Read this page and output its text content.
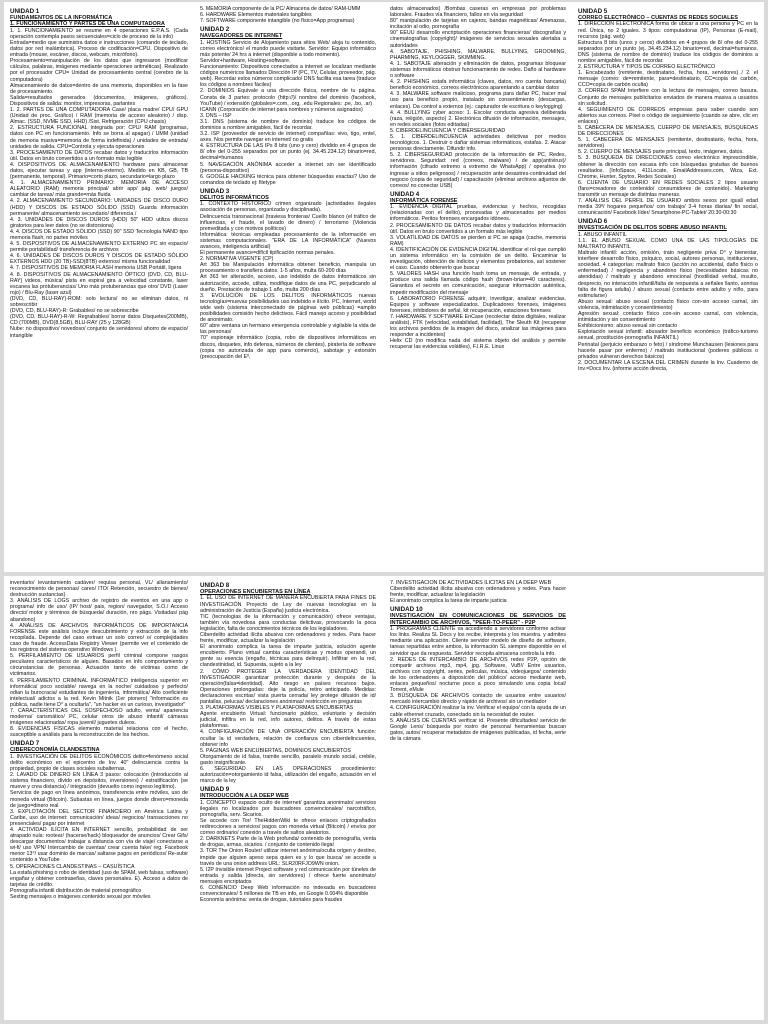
UNIDAD 1

FUNDAMENTOS DE LA INFORMÁTICA

1. FUNCIONAMIENTO Y PARTES DE UNA COMPUTADORA

1. 1. FUNCIONAMIENTO se resume en 4 operaciones E.P.A.S. (Cada operación contempla pasos secuenciales=ciclo de proceso de la info)

Entrada=medio que suministra datos e instrucciones (comando de teclado, datos por red inalámbrica). Proceso de codificación=CPU. Dispositivo de entrada (mouse, escáner, discos, webcam, micrófono).

Procesamiento=manipulación de los datos que ingresaron (modificar cálculos, palabras, imágenes mediante operaciones aritméticas). Realizado por el procesador CPU= Unidad de procesamiento central (cerebro de la computadora)

Almacenamiento de datos=dentro de una memoria, disponibles en la fase de procesamiento.

Salida=resultados generados (documentos, imágenes, gráficos). Dispositivos de salida: monitor, impresoras, parlantes

1. 2. PARTES DE UNA COMPUTADORA Case/ placa madre/ CPU/ GPU (Unidad de proc. Gráfico) / RAM (memoria de acceso aleatorio) / disp. Almac. (SSD, NVME SSD, HHD) /Sist. Refrigeración (CPU chasis)

2. ESTRUCTURA FUNCIONAL integrada por: CPU/ RAM (programas, datos con PC en funcionamiento. Info se borra al apagar) / UMM (unidad de memoria masiva=memoria de forma indefinida) / unidades de entrada/ unidades de salida. CPU=Controla y ejecuta operaciones

3. PROCESAMIENTO DE DATOS recabar datos y traducirlos información útil. Datos en bruto convertidos a un formato más legible

4. DISPOSITIVOS DE ALMACENAMIENTO hardware para almacenar datos, ejecutar tareas y app (interna-externo). Medido en KB, GB, TB (permanente, temporal). Primario=corto plazo, secundario=largo plazo

4. 1. ALMACENAMIENTO PRIMARIO: MEMORIA DE ACCESO ALEATORIO (RAM) memoria principal/ abrir app/ pág. web/ juegos/ cambiar de tareas/ más grande=más fluida

4. 2. ALMACENAMIENTO SECUNDARIO: UNIDADES DE DISCO DURO (HDD) Y DISCOS DE ESTADO SÓLIDO (SSD) Guarda información permanente/ almacenamiento secundario/ diferencia /

4. 3. UNIDADES DE DISCOS DUROS (HDD) 50" HDD utiliza discos giratorios para leer datos (no se distorsiona)

4. 4. DISCOS DE ESTADO SÓLIDO (SSD) 90" SSD Tecnología NAND tipo memoria flash, no partes móviles

4. 5. DISPOSITIVOS DE ALMACENAMIENTO EXTERNO PC sin espacio/ permite portabilidad/ transferencia de archivos

4. 6. UNIDADES DE DISCOS DUROS Y DISCOS DE ESTADO SÓLIDO EXTERNOS HDD (20 TB)-SSD(8TB) externos/ misma funcionalidad

4. 7. DISPOSITIVOS DE MEMORIA FLASH memoria USB Portátil, ligera

4. 8. DISPOSITIVOS DE ALMACENAMIENTO ÓPTICO (DVD, CD, BLU-RAY) videos, música/ pista en espiral gira a velocidad constante, laser escanea las protuberancias/ Uno más protuberancias que otro/ DVD (Laser rojo) / Blu-Ray (laser azul)

(DVD, CD, BLU-RAY)-ROM: solo lectura/ no se eliminan datos, ni sobrescribir

(DVD, CD, BLU-RAY)-R: Grabables/ no se sobrescribe

(DVD, CD, BLU-RAY)-R-W: Regrabables/ borrar datos Disquetes(200MB), CD (700MB), DVD(8,5GB), BLU-RAY (25 y 128GB)

Nube: no dispositivo/ novedoso/ conjunto de servidores/ ahorro de espacio/ intangible

5. MEMORIA componente de la PC/ Almacena de datos/ RAM-UMM

6. HARDWARE Elementos materiales tangibles

7. SOFTWARE componente intangible (no físico=App programas)

UNIDAD 2

NAVEGADORES DE INTERNET

1. HOSTING Servicio de Alojamiento para sitios Web/ aloja tu contenido, correo electrónico/ el mundo puede visitarte. Servidor: Equipo informático más potente/ 24 hrs a internet (disponible a todo momento).

Servidor+hardware, Hosting+software.

Funcionamiento: Dispositivos conectados a internet se localizan mediante códigos numéricos llamados Dirección IP (PC, TV, Celular, proveedor, pág. web). Recordar estos números complicado/ DNS facilita esa tarea (traduce los códigos a nombres fáciles)

2. DOMINIOS Equivale a una dirección física, nombre de tu página. Consta de 3 partes: protocolo (http://)/ nombre del dominio (facebook, YouTube) / extensión (globales=.com, .org, .edu Regionales: .pe, .bo, .ar)

ICANN (Corporación de internet para nombres y números asignados)

3. DNS – ISP

3.1. DNS (sistema de nombre de dominio) traduce los códigos de dominios a nombre amigables, fácil de recordar.

3.2. ISP (proveedor de servicio de internet) compañías: vivo, tigo, entel, axes. Nos permite navegar en internet/ no gratis

4. ESTRUCTURA DE LAS IPs 8 bits (uno y cero) dividido en 4 grupos de 8/ ofre del 0-255 separados por un punto (ej. 34.45.234.12) binario=red, decimal=humanos

5. NAVEGACIÓN ANÓNIMA acceder a internet sin ser identificado (persona-dispositivo)

6. GOOGLE HACKING técnica para obtener búsquedas exactas? Uso de comandos de teclado ej: filetype

UNIDAD 3

DELITOS INFORMÁTICOS

1. CONTEXTO HISTÓRICO crimen organizado (actividades ilegales asociación de personas, organizada y disciplinada).

Delincuencia transnacional (traviesa fronteras/ Cuello blanco (el tráfico de influencias, el fraude, el lavado de dinero) / terrorismo (Violencia premeditada y con motivos políticos)

Informática: técnicas empleadas procesamiento de la información en sistemas computacionales. "ERA DE LA INFORMÁTICA" (Nuevos avances, inteligencia artificial)

El permanente avance=difícil tipificación normas penales.

2. NORMATIVA VIGENTE (CP)

Art 363 bis Manipulación informática obtener beneficio, manipula un procesamiento o transfiera datos. 1-5 años, multa 60-200 días

Art 363 ter alteración, acceso, uso indebido de datos informáticos sin autorización, accede, utiliza, modifique datos de una PC, perjudicando al dueño. Prestación de trabajo 1 año, multa 200 días

3. EVOLUCIÓN DE LOS DELITOS INFORMÁTICOS nuevas tecnologías=nuevas posibilidades uso indebido e ilícito. PC, Internet, world wide web (sistema interconectado de páginas web públicas) =amplio posibilidades comisión hecho delictivos. Fácil manejo acceso y posibilidad de anonimato.

60" abre ventana un hermano emergencia controlable y vigilable la vida de las personas/

70" espionaje informático (copia, robo de dispositivos informáticos en discos, disquetes, info defensa, números de clientes), piratería de software (copia no autorizada de app para comercio), sabotaje y extorsión (preocupación del Eº,

datos almacenados) /Bombas caseras en empresas por problemas laborales. Fraudes vía financiero, fallos en vía seguridad

80" manipulación de tarjetas en cajeros, bandas magnéticas/ Amenazas, incitación al odio, pornografía

90" EEUU desarrollo encriptación operaciones financieras/ discografías y cinematografías (copyright)/ imágenes de servicios sexuales alertaba a autoridades

4. SABOTAJE, PHISHING, MALWARE, BULLYING, GROOMING, PHARMING, KEYLOGGER, SKIMMING.

4. 1. SABOTAJE alteración y eliminación de datos, programas bloquear sistemas informáticos obstruir funcionamiento de redes. Daño al hardware o software

4. 2. PHISHING estafa informática (claves, datos, nro cuenta bancaria) beneficio económico, correos electrónicos aparentando a cambiar datos

4. 3. MALWARE software malicioso, programa para dañar PC, hacer mal uso para beneficio propio, instalado sin consentimiento (descargas, enlaces). Da control a externos (ej.: capturador de escritura o keylogging)

4. 4. BULLYING cyber acoso: 1. Escolar conducta agresiva deliberada (raza, religión, aspecto) 2. Electrónica difusión de información, mensajes, en redes sociales (fotos editadas)

5. CIBERDELINCUENCIA Y CIBERSEGURIDAD

5. 1. CIBERDELINCUENCIA actividades delictivas por medios tecnológicos. 1. Destruir o dañar sistemas informáticos, estafas. 2. Atacar personas directamente. Difundir info.

5. 2. CIBERSEGURIDAD protección de la información de PC, Redes, servidores. Seguridad: red (correos, malware) / de app(antivirus)/ información (cifrado extremo a extremo de WhatsApp) / operativa (no ingresar a sitios peligrosos) / recuperación ante desastres-continuidad del negocio (copia de seguridad) / capacitación (eliminar archivos adjuntos de correos/ no conectar USB)

UNIDAD 4

INFORMÁTICA FORENSE

1. EVIDENCIA DIGITAL pruebas, evidencias y hechos, recogidas (relacionadas con el delito), procesadas y almacenados por medios informáticos. Peritos forenses encargados idóneos.

2. PROCESAMIENTO DE DATOS recabar datos y traducirlos información útil. Datos en bruto convertidos a un formato más legible

3. VOLATILIDAD DE DATOS se pierden si PC se apaga (cache, memoria RAM)

4. IDENTIFICACIÓN DE EVIDENCIA DIGITAL identificar el rol que cumplió un sistema informático en la comisión de un delito. Encaminar la investigación, obtención de indicios y elementos probatorios, así sostener el caso. Cuando obtenerlo que buscar

5. VALORES HASH una función hash toma un mensaje, de entrada, y produce una salida llamada código hash (brown-brian=40 caracteres). Garantiza el secreto en comunicación, asegurar información auténtica, impedir modificación del mensaje

6. LABORATORIO FORENSE adquirir, investigar, analizar evidencias. Equipos y software especializados. Duplicadores forenses, imágenes forenses, inhibidores de señal, kit recuperación, estaciones forenses

7. HARDWARE Y SOFTWARE EnCase (recolectar datos digitales, realizar análisis), FTK (velocidad, estabilidad, facilidad), The Sleuth Kit (recuperar los archivos perdidos de la imagen del disco, analizar las imágenes para responder a incidentes)

Helix CD (no modifica nada del sistema objeto del análisis y permite recuperar las evidencias volátiles), F.I.R.E. Linux

UNIDAD 5

CORREO ELECTRÓNICO – CUENTAS DE REDES SOCIALES

1. DIRECCIÓN ELECTRÓNICA forma de ubicar a una persona y PC en la red. Única, no 2 iguales. 3 tipos: computadoras (IP), Personas (E-mail), recursos (pág. web)

Estructura 8 bits (unos y ceros) divididos en 4 grupos de 8/ ofre del 0-255 separados por un punto (ej. 34.45.234.12) binario=red, decimal=humanos. DNS (sistema de nombre de dominio) traduce los códigos de dominios a nombre amigables, fácil de recordar.

2. ESTRUCTURA Y TIPOS DE CORREO ELECTRÓNICO

1. Encabezado (remitente, destinatario, fecha, hora, servidores) / 2. el mensaje (correo: de=remitente, para=destinatario, CC=copia de carbón, CCO=copia de carbón oculta)

3. CORREO SPAM Interfiere con la lectura de mensajes, correo basura. Conjunto de mensajes publicitarios enviados de manera masiva a usuarios sin solicitud.

4. SEGUIMIENTO DE CORREOS empresas para saber cuando son abiertos sus correos. Pixel o código de seguimiento (cuando se abre, clic en enlaces)

5. CABECERA DE MENSAJES, CUERPO DE MENSAJES, BÚSQUEDAS DE DIRECCIONES

5. 1. CABECERA DE MENSAJES (remitente, destinatario, fecha, hora, servidores)

5. 2. CUERPO DE MENSAJES parte principal, texto, imágenes, datos.

5. 3. BÚSQUEDA DE DIRECCIONES correo electrónico imprescindible, obtener la dirección con escasa info con búsquedas gratuitas de buenos resultados. (InfoSpace, 411Locate, EmailAddresses.com, Wiza, Ext. Chrome, Hunter, Spytox, Redes Sociales)

6. CUENTA DE USUARIO EN REDES SOCIALES 2 tipos usuario (fans=creadores de contenido/ consumidores de contenido). Marketing transmitir un mensaje de distintas maneras.

7. ANÁLISIS DEL PERFIL DE USUARIO ambos sexos por igual/ edad media 39º/ hogares pequeños/ con trabajo/ 3-4 horas diarias/ fin social, comunicación/ Facebook líder/ Smartphone-PC-Tablet/ 20:30-00:30

UNIDAD 6

INVESTIGACIÓN DE DELITOS SOBRE ABUSO INFANTIL

1. ABUSO INFANTIL

1.1. EL ABUSO SEXUAL COMO UNA DE LAS TIPOLOGÍAS DE MALTRATO INFANTIL

Maltrato infantil: acción, omisión, trato negligente priva D° y bienestar, interfiere desarrollo físico, psíquico, social, autores personas, instituciones, sociedad. 4 categorías: maltrato físico (acción no accidental, daño físico o enfermedad) / negligencia y abandono físico (necesidades básicas no atendidas) / maltrato y abandono emocional (hostilidad verbal, insulto, desprecio, no interacción infantil/falta de respuesta a señales llanto, sonrisa falta de figura adulta) / abuso sexual (contacto entre adulto y niño, para estimularse)

Abuso sexual: abuso sexual (contacto físico con-sin acceso carnal, sin violencia, intimidación y consentimiento)

Agresión sexual: contacto físico con-sin acceso carnal, con violencia, intimidación y sin consentimiento

Exhibicionismo: abuso sexual sin contacto

Explotación sexual infantil: abusador beneficio económico (tráfico-turismo sexual, prostitución-pornografía INFANTIL)

Perinatal (perjuicio embarazo o feto) / síndrome Munchausen (lesiones para hacerle pasar por enfermo) / maltrato institucional (poderes públicos o privados vulneran derechos básicos)

2. DOCUMENTAR LA ESCENA DEL CRIMEN durante la Inv. Cuaderno de Inv.=Docs Inv. (informe acción directa,

inventario/ levantamiento cadáver/ requisa personal, VL/ allanamiento/ reconocimiento de personas/ careo/ ITO/ Retención, secuestro de bienes/ destrucción sustancias)

3. ANÁLISIS DE LOGS archivo de registro de eventos en una app o programa/ info de uso/ (IP/ host/ pais, region/ navegador, S.O./ Acceso directo/ motor y términos de búsqueda/ duración, nro págs. Visitadas/ pág abandono)

4. ANÁLISIS DE ARCHIVOS INFORMÁTICOS DE IMPORTANCIA FORENSE este análisis incluye descubrimiento y extracción de la info recopilada. Depende del caso extraer un solo correo/ o/ complejidades caso de fraude. AccessData Registry Viewer (permite ver el contenido de los registros del sistema operativo Windows ).

5. PERFILAMIENTO DE USUARIOS perfil criminal compone rasgos peculiares característicos de alguien. Basados en info comportamiento y circunstancias de personas. Actuación tanto de víctimas como de victimarios.

6. PERFILAMIENTO CRIMINAL INFORMÁTICO inteligencia superior en informática/ poco sociable/ navega en la noche/ cuidadoso y perfecto/ odian la burocracia/ estudiantes de ingeniería, informática/ Alto coeficiente intelectual/ adictos a la red. Kevin Mitnik (1er pionero) "información es pública, nadie tiene D° a ocultarla", "un hacker es un curioso, investigador"

7. CARACTERÍSTICAS DEL SOSPECHOSO adulto, venta/ apariencia moderna/ carismático/ PC, celular otros de abuso infantil/ cámaras imágenes relacionadas/ ropa juvenil/ juguetes duleos.

8. EVIDENCIAS FÍSICAS elemento material relaciona con el hecho, susceptible a análisis para la reconstrucción de los hechos.

UNIDAD 7

CIBERECONOMÍA CLANDESTINA

1. INVESTIGACIÓN DE DELITOS ECONÓMICOS delito=fenómeno social delito económico en el epicentro de Inv. 40" delincuencia contra la propiedad, propio de clases sociales subalternas.

2. LAVADO DE DINERO EN LÍNEA 3 pasos: colocación (introducción al sistema financiero, divido en depósitos, inversiones) / estratificación (se mueve y crea distancia) / integración (devuelto como ingreso legítimo).

Servicios de pago en línea anónimos, transferencia entre móviles, uso de moneda virtual (Bitcoin). Subastas en línea, juegos donde dinero=moneda de juego=dinero real

3. EXPLOTACIÓN DEL SECTOR FINANCIERO en América Latina y Caribe, uso de internet: comunicación/ ideas/ negocios/ transacciones no presenciales/ pagar por internet

4. ACTIVIDAD ILÍCITA EN INTERNET sencillo, probabilidad de ser atrapado nula: rootear/ (hacerse/hack) bloqueador de anuncios/ Crear Gifs/ descargar documentos/ trabajar a distancia con vía de viaje/ conectarse a wi-fi/ uso VPN/ Intercambio de cuentas/ crear cuenta fake/ reg. Facebook menor 13°/ usar dominio de marcas/ saltarse pagos en periódicos/ Re-subir contenido a YouTube

5. OPERACIONES CLANDESTINAS – CASUÍSTICA

La estafa phishing o robo de identidad (uso de SPAM, web falsas, software) engañar y obtener contraseñas, claves personales. E). Acceso a datos de tarjetas de crédito.

Pornografía infantil distribución de material pornográfico

Sexting mensajes o imágenes contenido sexual por móviles

UNIDAD 8

OPERACIONES ENCUBIERTAS EN LÍNEA

1. EL USO DE INTERNET DE MANERA ENCUBIERTA PARA FINES DE INVESTIGACIÓN Proyecto de Ley de nuevas tecnologías en la administración de Justicia (España) justicia electrónica.

TIC (tecnologías de la información y comunicación) ofrece ventajas, también vía novedosa para conductas delictivas, provocando la poca legislación, falta de conocimientos técnicos de los legisladores.

Ciberdelito actividad ilícita abusiva con ordenadores y redes. Para hacer frente, modificar, actualizar la legislación

El anonimato complica la tarea de imparte justicia, solución agente encubierto. Plano virtual cambia características y modus operandi, un gente su esencia (engaño, técnicas para delinquir). Infiltrar en la red, clandestinidad, id. Supuesta, sujeto a la ley

2. CÓMO PROTEGER LA VERDADERA IDENTIDAD DEL INVESTIGADOR garantizar protección durante y después de la operación(falsa=identidad). Alto riesgo en países recursos bajos. Operaciones prolongadas: deje la policía, retiro anticipado. Medidas: declaraciones escritas/ vista puerta cerrada/ ley protege difusión de id/ pantallas, pelucas/ declaraciones anónimas/ restricción en preguntas

3. PLATAFORMAS VISIBLES Y PLATAFORMAS ENCUBIERTAS

Agente encubierto Virtual: funcionario público, voluntario y decisión judicial, infiltra en la red, info autores, delitos. A través de estas plataformas.

4. CONFIGURACIÓN DE UNA OPERACIÓN ENCUBIERTA función: ocultar la id verdadera, relación de confianza con ciberdelincuentes, obtener info

5. PÁGINAS WEB ENCUBIERTAS, DOMINIOS ENCUBIERTOS

Otorgamiento de id falsa, tramite sencillo, paralelo mundo social, crebile, gasto insignificante.

6. SEGURIDAD EN LAS OPERACIONES procedimiento: autorización=otorgamiento id falsa, utilización del engaño, actuación en el marco de la ley

UNIDAD 9

INTRODUCCIÓN A LA DEEP WEB

1. CONCEPTO espacio oculto de internet/ garantiza anonimato/ servicios ilegales no localizados por buscadores convencionales/ narcotráfico, pornografía, serv. Sicarios.

Se accede con Tor/ TheHiddenWiki te ofrece enlaces criptografiados redirecciones a servicios/ pagos con moneda virtual (Bitcoin) / envíos por correo ordinario/ conexión a través de saltos aleatorios.

2. DARKNETS Parte de la Web profunda/ contenido de pornografía, venta de drogas, armas, sicarios. / conjunto de contenido ilegal

3. TOR The Onion Router/ utilizar internet anónima/oculta origen y destino, impide que alguien apeso sepa quien es y lo que busca/ se accede a través de una onion address URL: SLR20RFJO9WN onion.

5. I2P Invisible internet Project software y red comunicación por túneles de entrada y salida (directa, sin servidores) / ofrece fuerte anonimato/ mensajes encriptados

6. CONENCIO Deep Web información no indexada en buscadores convencionales/ 5 millones de TB en info, en Google 0.004% disponible

Economía anónima: venta de drogas, tutoriales para fraudes

7. INVESTIGACIÓN DE ACTIVIDADES ILÍCITAS EN LA DEEP WEB

Ciberdelito actividad ilícita abusiva con ordenadores y redes. Para hacer frente, modificar, actualizar la legislación

El anonimato complica la tarea de imparte justicia

UNIDAD 10

INVESTIGACIÓN EN COMUNICACIONES DE SERVICIOS DE INTERCAMBIO DE ARCHIVOS, "PEER-TO-PEER" - P2P

1. PROGRAMAS CLIENTE va accediendo a servidores conforme activar los links. Realiza SL Docs y los recibe, interpreta y los muestra. y admites mediante una aplicación. Cliente servidor modelo de diseño de software, tareas repartidas entre ambos, la información SL siempre disponible en el servidor que da respuesta. Servidor recopila almacena controla la info.

2. REDES DE INTERCAMBIO DE ARCHIVOS redes P2P, opción de compartir archivos mp3, mp4, jpg. Software, VuB!/ Entre usuarios, archivos con copyright, series, películas, música, videojuegos/ contenido de los ordenadores a disposición del público/ acceso mediante web, enlaces pequeños/ nocturne poco a poco simulando una copia local/ Torrent, eMule

3. BÚSQUEDA DE ARCHIVOS contacto de usuarios entre usuarios/ mercado intercambio directo y rápido de archivos/ sin un mediador

4. CONFIGURACIÓN realizar la inv. Verificar el equipo/ con la ayuda de un cable ethernet cruzado, conectado sin la necesidad de router.

5. ANÁLISIS DE CUENTAS verificar id. Presente dificultades/ servicio de Google Lens/ búsqueda por rostro de persona/ herramientas buscan gatos, autos/ recuperar metadatos de imágenes publicadas, id fecha, serie de la cámara
